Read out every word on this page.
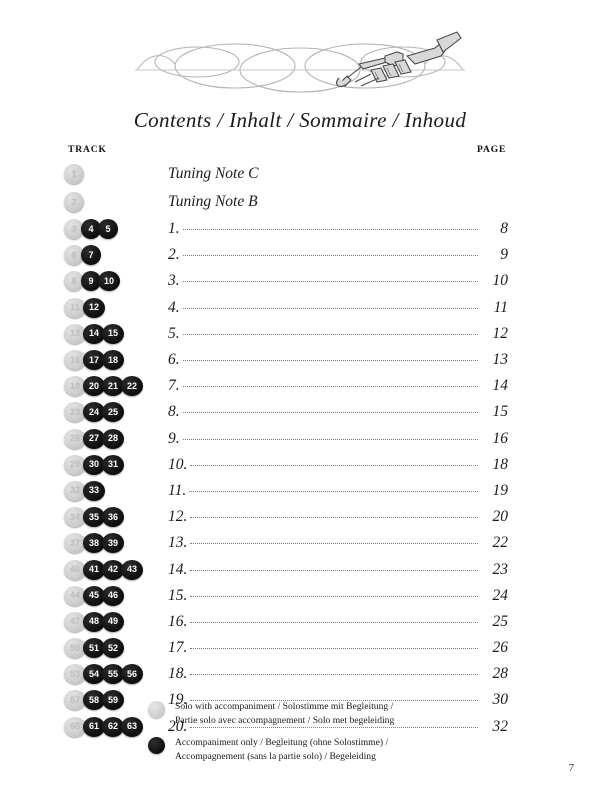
Contents / Inhalt / Sommaire / Inhoud
TRACK	PAGE
1	Tuning Note C
2	Tuning Note B
3	4	5	1.	8
6	7	2.	9
8	9	10	3.	10
11	12	4.	11
13 14 15	5.	12
16 17 18	6.	13
19 20 21 22	7.	14
23 24 25	8.	15
26 27 28	9.	16
29 30 31	10.	18
32 33	11.	19
34 35 36	12.	20
37 38 39	13.	22
40 41 42 43	14.	23
44 45 46	15.	24
47 48 49	16.	25
50 51 52	17.	26
53 54 55 56	18.	28
57 58 59	19.	30
60 61 62 63	20.	32
Solo with accompaniment / Solostimme mit Begleitung /
Partie solo avec accompagnement / Solo met begeleiding
Accompaniment only / Begleitung (ohne Solostimme) /
Accompagnement (sans la partie solo) / Begeleiding
7
